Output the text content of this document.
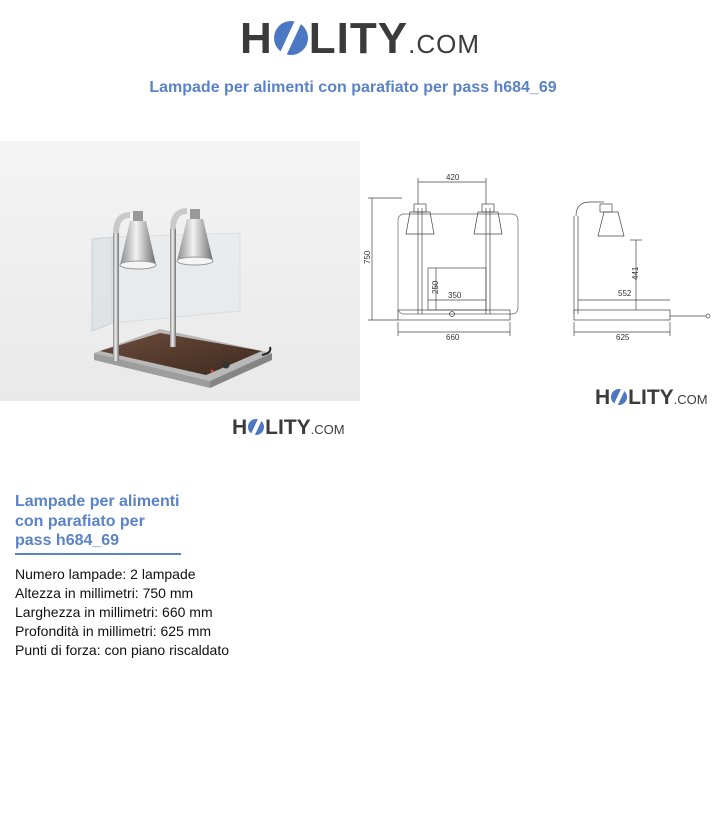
H LITY .COM
Lampade per alimenti con parafiato per pass h684_69
H LITY .COM
420
750
250
350
660
441
552
625
H LITY .COM
Lampade per alimenti
con parafiato per
pass h684_69
Numero lampade: 2 lampade
Altezza in millimetri: 750 mm
Larghezza in millimetri: 660 mm
Profondità in millimetri: 625 mm
Punti di forza: con piano riscaldato
